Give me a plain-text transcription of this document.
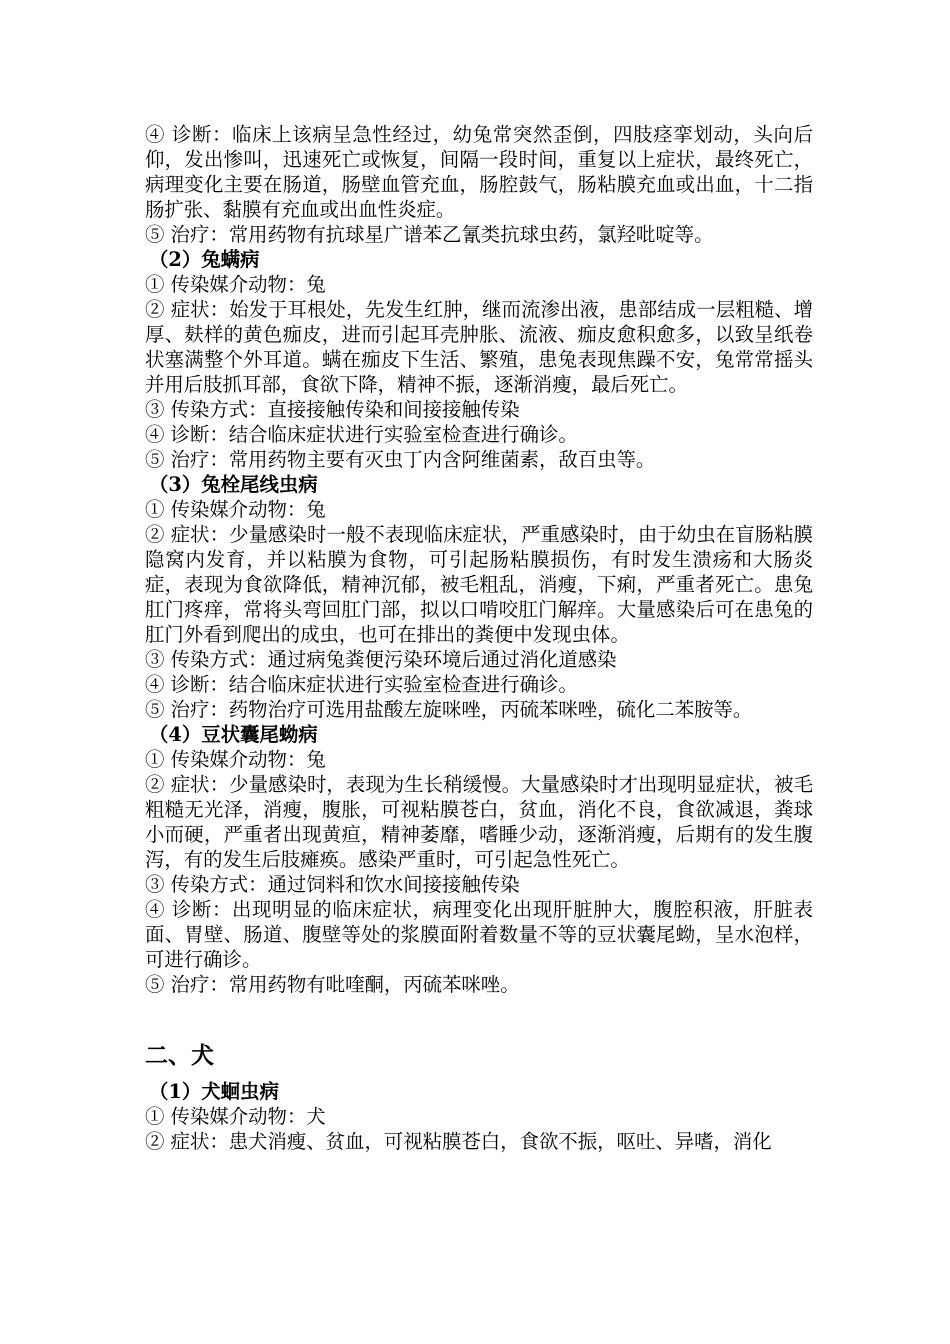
④ 诊断：临床上该病呈急性经过，幼兔常突然歪倒，四肢痉挛划动，头向后仰，发出惨叫，迅速死亡或恢复，间隔一段时间，重复以上症状，最终死亡，病理变化主要在肠道，肠壁血管充血，肠腔鼓气，肠粘膜充血或出血，十二指肠扩张、黏膜有充血或出血性炎症。

⑤ 治疗：常用药物有抗球星广谱苯乙氰类抗球虫药，氯羟吡啶等。

（2）兔螨病

① 传染媒介动物：兔

② 症状：始发于耳根处，先发生红肿，继而流渗出液，患部结成一层粗糙、增厚、麸样的黄色痂皮，进而引起耳壳肿胀、流液、痂皮愈积愈多，以致呈纸卷状塞满整个外耳道。螨在痂皮下生活、繁殖，患兔表现焦躁不安，兔常常摇头并用后肢抓耳部，食欲下降，精神不振，逐渐消瘦，最后死亡。

③ 传染方式：直接接触传染和间接接触传染

④ 诊断：结合临床症状进行实验室检查进行确诊。

⑤ 治疗：常用药物主要有灭虫丁内含阿维菌素，敌百虫等。

（3）兔栓尾线虫病

① 传染媒介动物：兔

② 症状：少量感染时一般不表现临床症状，严重感染时，由于幼虫在盲肠粘膜隐窝内发育，并以粘膜为食物，可引起肠粘膜损伤，有时发生溃疡和大肠炎症，表现为食欲降低，精神沉郁，被毛粗乱，消瘦，下痢，严重者死亡。患兔肛门疼痒，常将头弯回肛门部，拟以口啃咬肛门解痒。大量感染后可在患兔的肛门外看到爬出的成虫，也可在排出的粪便中发现虫体。

③ 传染方式：通过病兔粪便污染环境后通过消化道感染

④ 诊断：结合临床症状进行实验室检查进行确诊。

⑤ 治疗：药物治疗可选用盐酸左旋咪唑，丙硫苯咪唑，硫化二苯胺等。

（4）豆状囊尾蚴病

① 传染媒介动物：兔

② 症状：少量感染时，表现为生长稍缓慢。大量感染时才出现明显症状，被毛粗糙无光泽，消瘦，腹胀，可视粘膜苍白，贫血，消化不良，食欲减退，粪球小而硬，严重者出现黄疸，精神萎靡，嗜睡少动，逐渐消瘦，后期有的发生腹泻，有的发生后肢瘫痪。感染严重时，可引起急性死亡。

③ 传染方式：通过饲料和饮水间接接触传染

④ 诊断：出现明显的临床症状，病理变化出现肝脏肿大，腹腔积液，肝脏表面、胃壁、肠道、腹壁等处的浆膜面附着数量不等的豆状囊尾蚴，呈水泡样，可进行确诊。

⑤ 治疗：常用药物有吡喹酮，丙硫苯咪唑。

二、犬

（1）犬蛔虫病

① 传染媒介动物：犬

② 症状：患犬消瘦、贫血，可视粘膜苍白，食欲不振，呕吐、异嗜，消化
